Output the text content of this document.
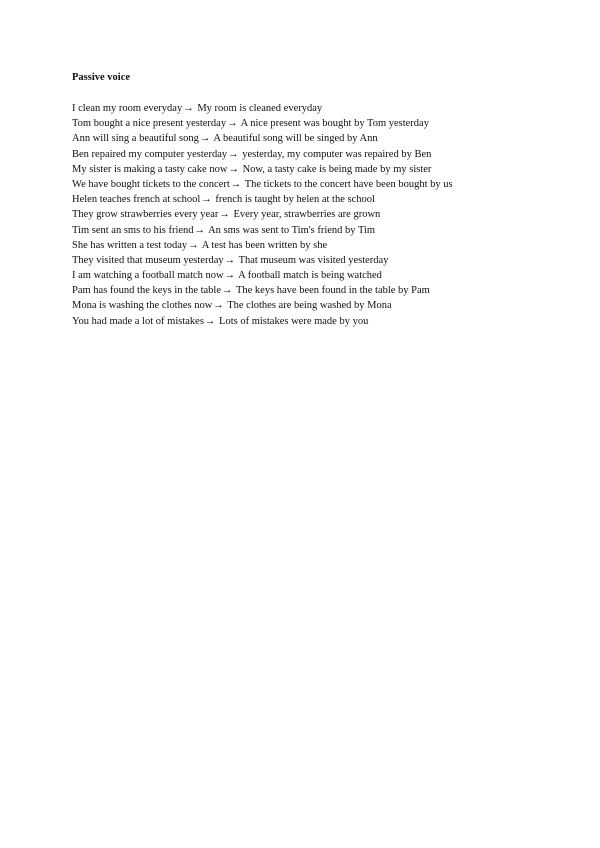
Passive voice
I clean my room everyday→ My room is cleaned everyday
Tom bought a nice present yesterday→ A nice present was bought by Tom yesterday
Ann will sing a beautiful song→ A beautiful song will be singed by Ann
Ben repaired my computer yesterday→ yesterday, my computer was repaired by Ben
My sister is making a tasty cake now→ Now, a tasty cake is being made by my sister
We have bought tickets to the concert→ The tickets to the concert have been bought by us
Helen teaches french at school→ french is taught by helen at the school
They grow strawberries every year→ Every year, strawberries are grown
Tim sent an sms to his friend→ An sms was sent to Tim's friend by Tim
She has written a test today→ A test has been written by she
They visited that museum yesterday→ That museum was visited yesterday
I am watching a football match now→ A football match is being watched
Pam has found the keys in the table→ The keys have been found in the table by Pam
Mona is washing the clothes now→ The clothes are being washed by Mona
You had made a lot of mistakes→ Lots of mistakes were made by you
